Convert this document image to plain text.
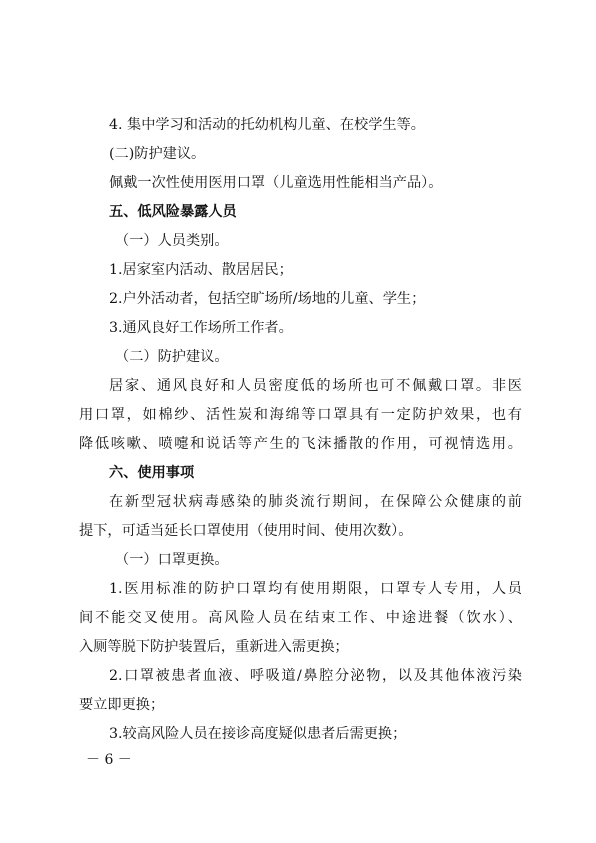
4. 集中学习和活动的托幼机构儿童、在校学生等。
(二)防护建议。
佩戴一次性使用医用口罩（儿童选用性能相当产品）。
五、低风险暴露人员
（一）人员类别。
1.居家室内活动、散居居民；
2.户外活动者，包括空旷场所/场地的儿童、学生；
3.通风良好工作场所工作者。
（二）防护建议。
居家、通风良好和人员密度低的场所也可不佩戴口罩。非医
用口罩，如棉纱、活性炭和海绵等口罩具有一定防护效果，也有
降低咳嗽、喷嚏和说话等产生的飞沫播散的作用，可视情选用。
六、使用事项
在新型冠状病毒感染的肺炎流行期间，在保障公众健康的前
提下，可适当延长口罩使用（使用时间、使用次数）。
（一）口罩更换。
1.医用标准的防护口罩均有使用期限，口罩专人专用，人员
间不能交叉使用。高风险人员在结束工作、中途进餐（饮水）、
入厕等脱下防护装置后，重新进入需更换；
2.口罩被患者血液、呼吸道/鼻腔分泌物，以及其他体液污染
要立即更换；
3.较高风险人员在接诊高度疑似患者后需更换；
－ 6 －
